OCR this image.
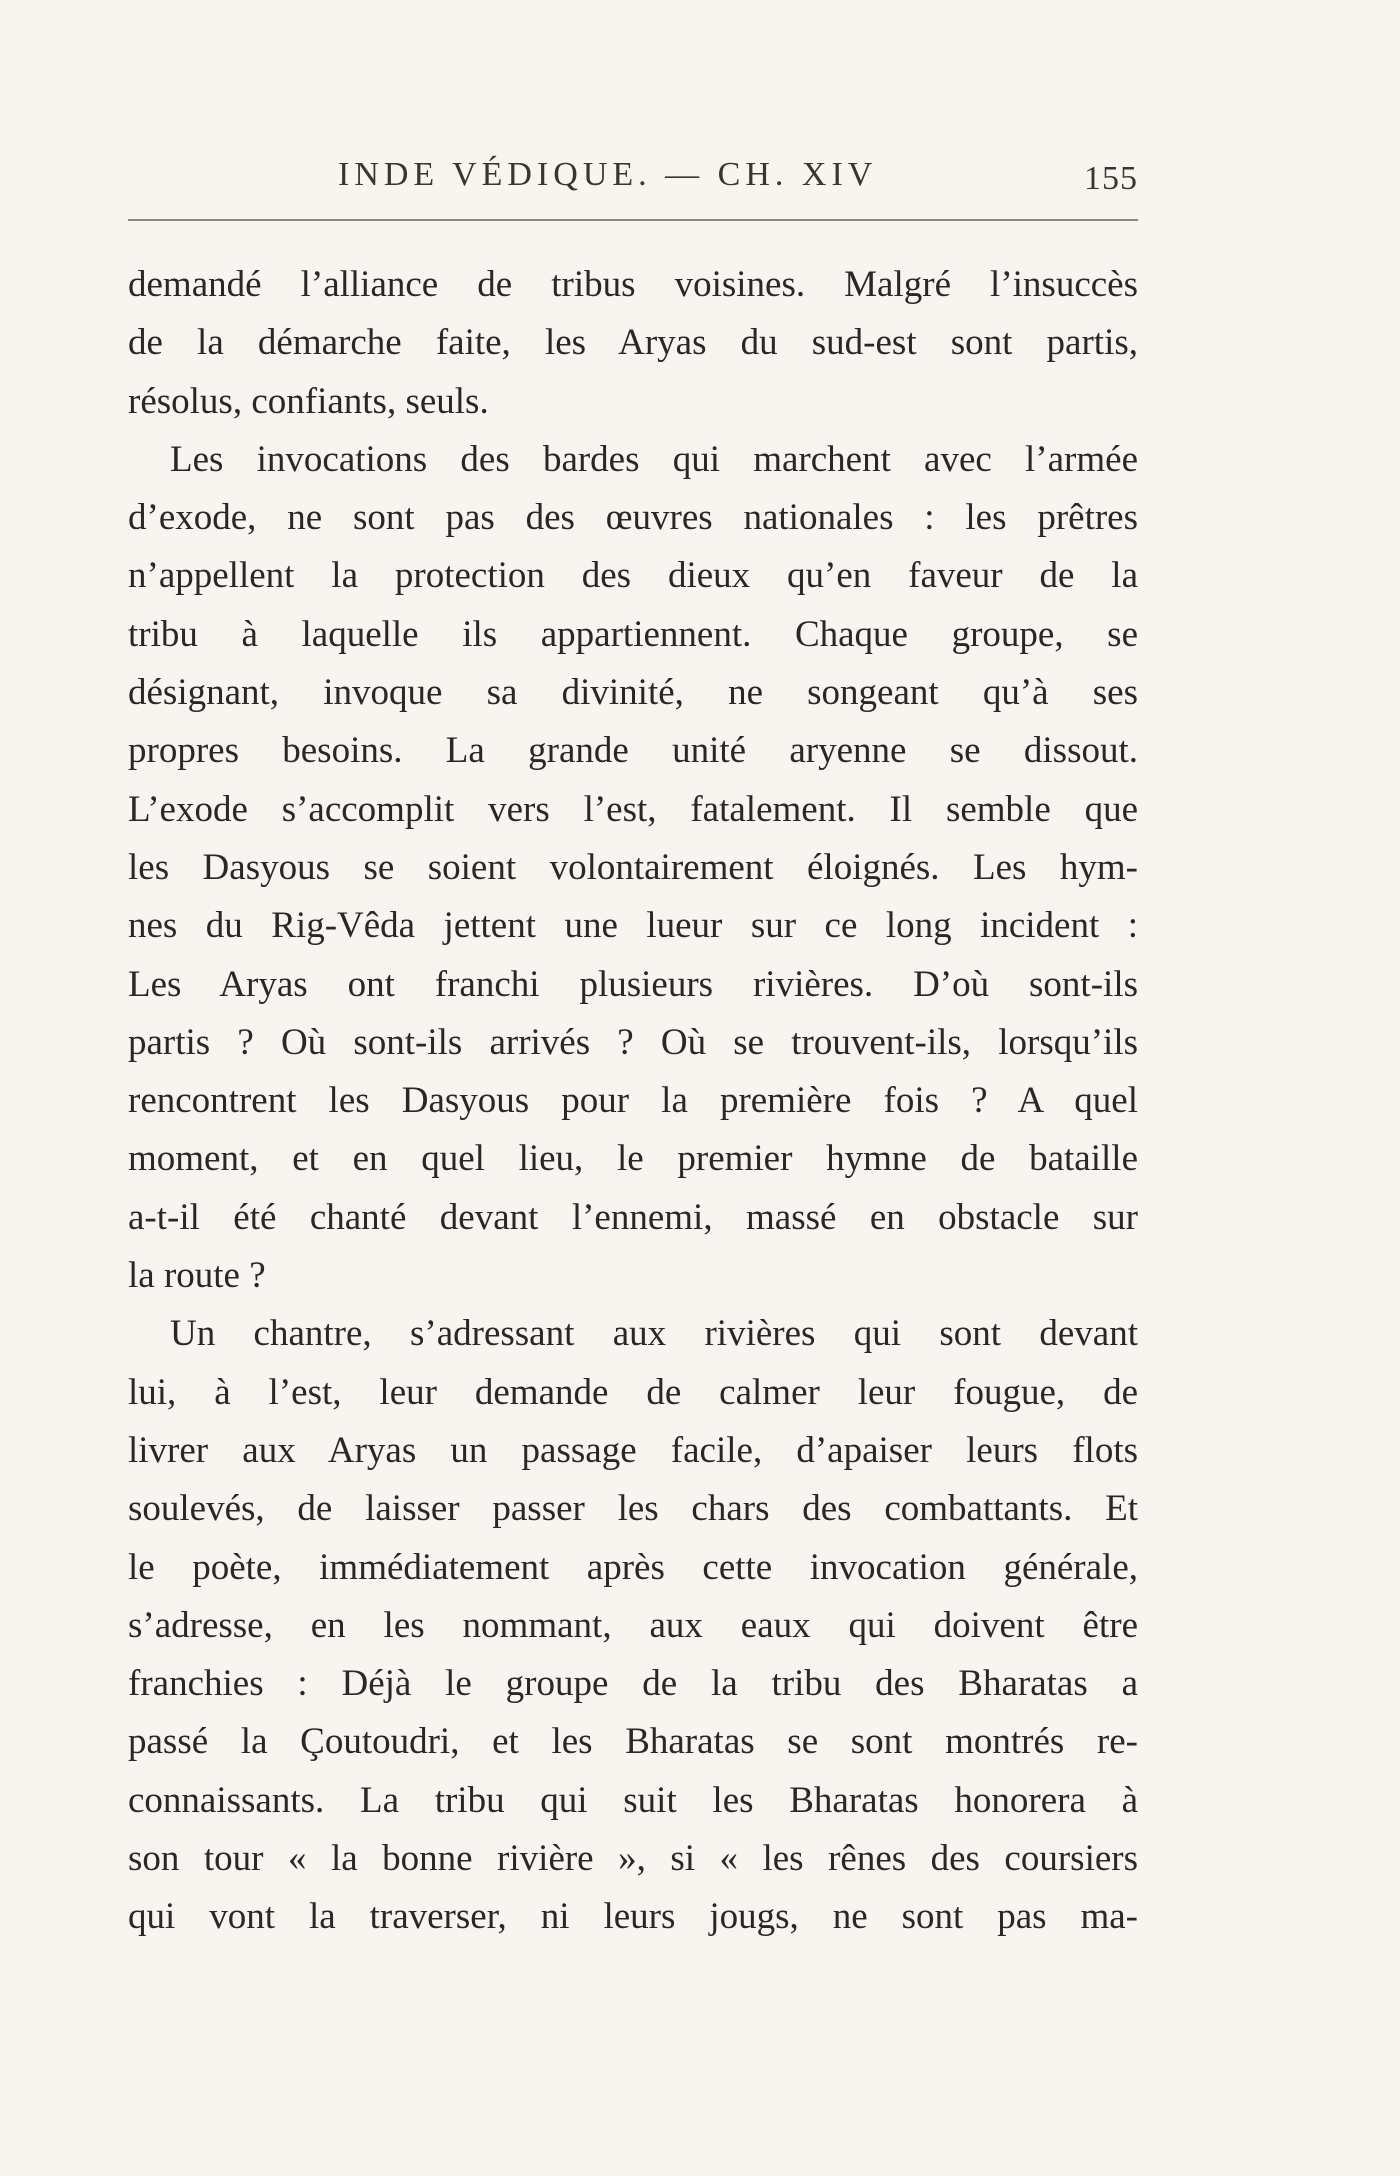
INDE VÉDIQUE. — CH. XIV	155
demandé l’alliance de tribus voisines. Malgré l’insuccès
de la démarche faite, les Aryas du sud-est sont partis,
résolus, confiants, seuls.
Les invocations des bardes qui marchent avec l’armée
d’exode, ne sont pas des œuvres nationales : les prêtres
n’appellent la protection des dieux qu’en faveur de la
tribu à laquelle ils appartiennent. Chaque groupe, se
désignant, invoque sa divinité, ne songeant qu’à ses
propres besoins. La grande unité aryenne se dissout.
L’exode s’accomplit vers l’est, fatalement. Il semble que
les Dasyous se soient volontairement éloignés. Les hym-
nes du Rig-Vêda jettent une lueur sur ce long incident :
Les Aryas ont franchi plusieurs rivières. D’où sont-ils
partis ? Où sont-ils arrivés ? Où se trouvent-ils, lorsqu’ils
rencontrent les Dasyous pour la première fois ? A quel
moment, et en quel lieu, le premier hymne de bataille
a-t-il été chanté devant l’ennemi, massé en obstacle sur
la route ?
Un chantre, s’adressant aux rivières qui sont devant
lui, à l’est, leur demande de calmer leur fougue, de
livrer aux Aryas un passage facile, d’apaiser leurs flots
soulevés, de laisser passer les chars des combattants. Et
le poète, immédiatement après cette invocation générale,
s’adresse, en les nommant, aux eaux qui doivent être
franchies : Déjà le groupe de la tribu des Bharatas a
passé la Çoutoudri, et les Bharatas se sont montrés re-
connaissants. La tribu qui suit les Bharatas honorera à
son tour « la bonne rivière », si « les rênes des coursiers
qui vont la traverser, ni leurs jougs, ne sont pas ma-
